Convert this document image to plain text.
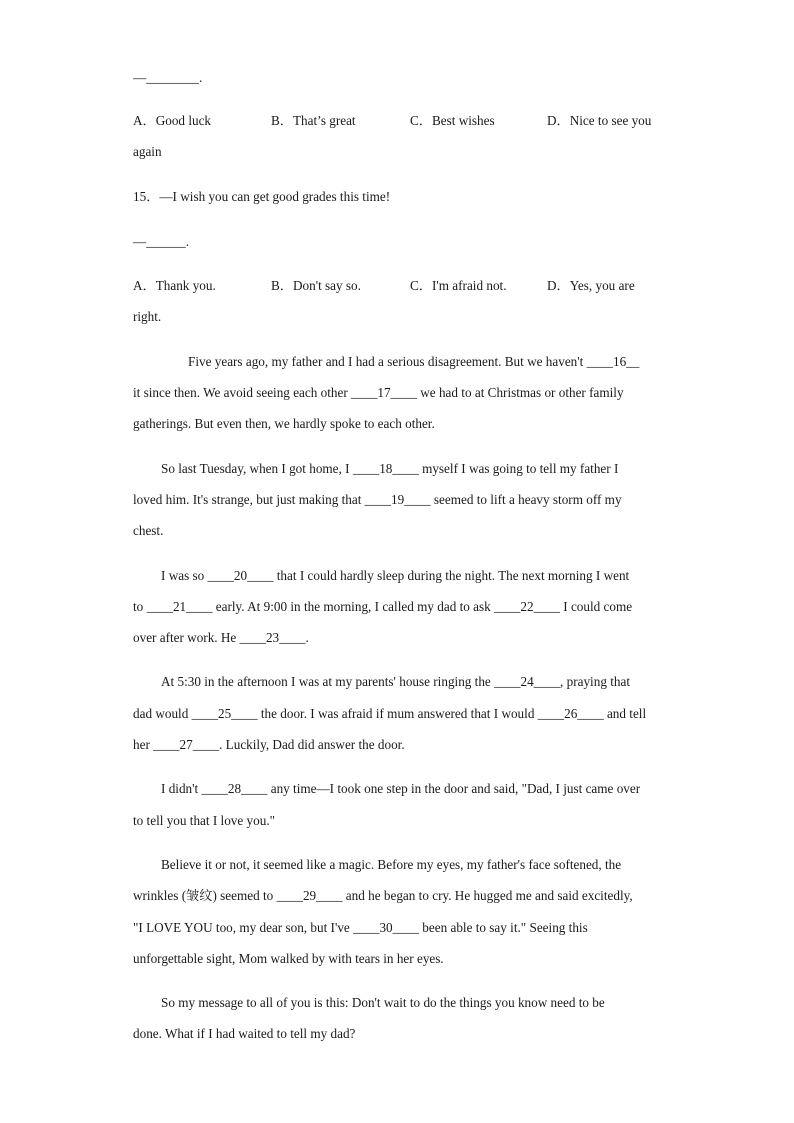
—________.
A．Good luck	B．That’s great	C．Best wishes	D．Nice to see you
again
15．—I wish you can get good grades this time!
—______.
A．Thank you.	B．Don't say so.	C．I'm afraid not.	D．Yes, you are
right.
Five years ago, my father and I had a serious disagreement. But we haven't ____16__
it since then. We avoid seeing each other ____17____ we had to at Christmas or other family
gatherings. But even then, we hardly spoke to each other.
So last Tuesday, when I got home, I ____18____ myself I was going to tell my father I
loved him. It's strange, but just making that ____19____ seemed to lift a heavy storm off my
chest.
I was so ____20____ that I could hardly sleep during the night. The next morning I went
to ____21____ early. At 9:00 in the morning, I called my dad to ask ____22____ I could come
over after work. He ____23____.
At 5:30 in the afternoon I was at my parents' house ringing the ____24____, praying that
dad would ____25____ the door. I was afraid if mum answered that I would ____26____ and tell
her ____27____. Luckily, Dad did answer the door.
I didn't ____28____ any time—I took one step in the door and said, "Dad, I just came over
to tell you that I love you."
Believe it or not, it seemed like a magic. Before my eyes, my father's face softened, the
wrinkles (皱纹) seemed to ____29____ and he began to cry. He hugged me and said excitedly,
"I LOVE YOU too, my dear son, but I've ____30____ been able to say it." Seeing this
unforgettable sight, Mom walked by with tears in her eyes.
So my message to all of you is this: Don't wait to do the things you know need to be
done. What if I had waited to tell my dad?
